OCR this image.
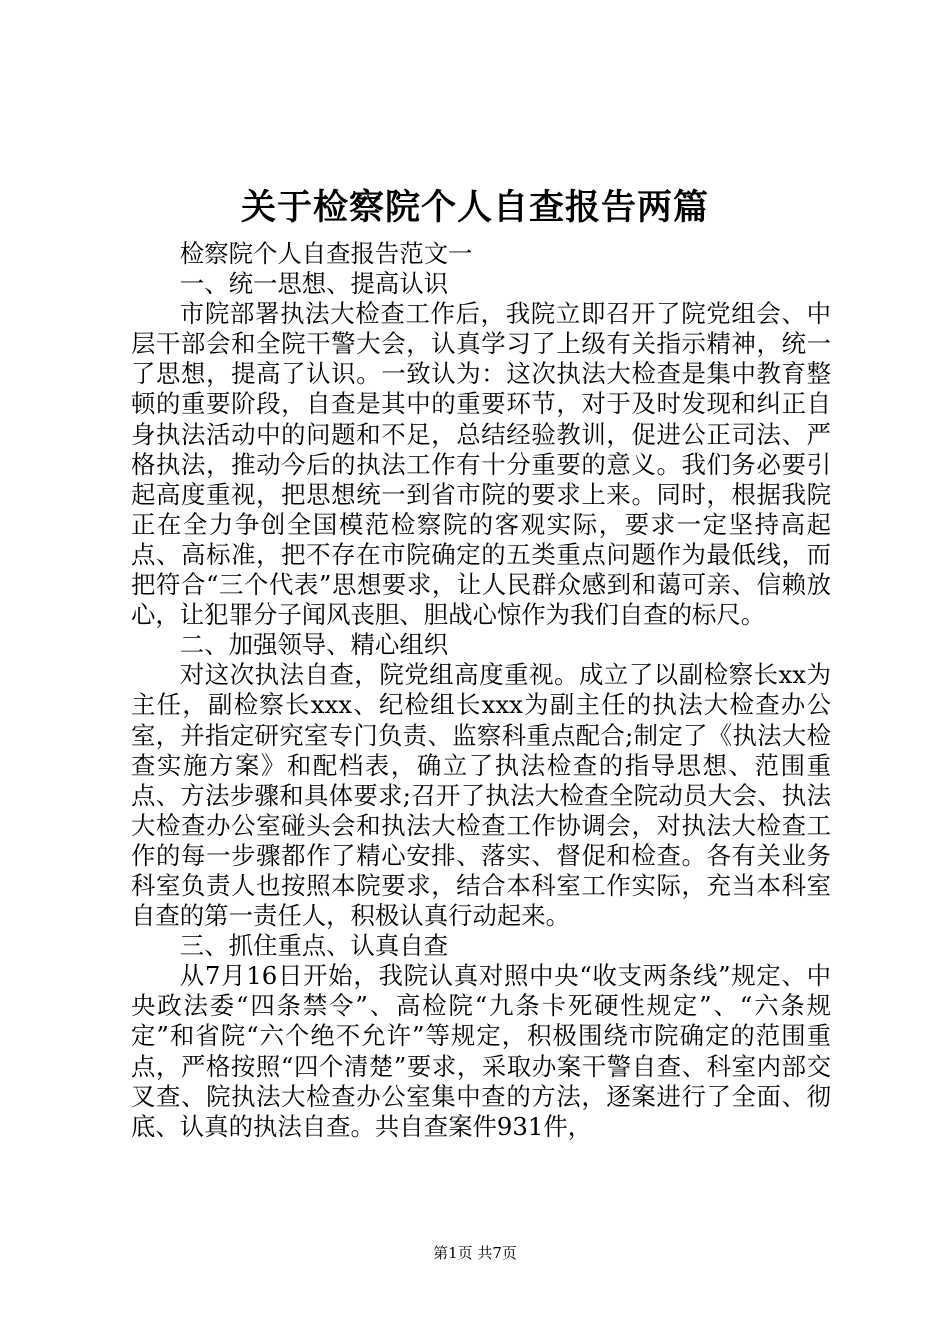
关于检察院个人自查报告两篇

检察院个人自查报告范文一

一、统一思想、提高认识

市院部署执法大检查工作后，我院立即召开了院党组会、中层干部会和全院干警大会，认真学习了上级有关指示精神，统一了思想，提高了认识。一致认为：这次执法大检查是集中教育整顿的重要阶段，自查是其中的重要环节，对于及时发现和纠正自身执法活动中的问题和不足，总结经验教训，促进公正司法、严格执法，推动今后的执法工作有十分重要的意义。我们务必要引起高度重视，把思想统一到省市院的要求上来。同时，根据我院正在全力争创全国模范检察院的客观实际，要求一定坚持高起点、高标准，把不存在市院确定的五类重点问题作为最低线，而把符合“三个代表”思想要求，让人民群众感到和蔼可亲、信赖放心，让犯罪分子闻风丧胆、胆战心惊作为我们自查的标尺。

二、加强领导、精心组织

对这次执法自查，院党组高度重视。成立了以副检察长xx为主任，副检察长xxx、纪检组长xxx为副主任的执法大检查办公室，并指定研究室专门负责、监察科重点配合;制定了《执法大检查实施方案》和配档表，确立了执法检查的指导思想、范围重点、方法步骤和具体要求;召开了执法大检查全院动员大会、执法大检查办公室碰头会和执法大检查工作协调会，对执法大检查工作的每一步骤都作了精心安排、落实、督促和检查。各有关业务科室负责人也按照本院要求，结合本科室工作实际，充当本科室自查的第一责任人，积极认真行动起来。

三、抓住重点、认真自查

从7月16日开始，我院认真对照中央“收支两条线”规定、中央政法委“四条禁令”、高检院“九条卡死硬性规定”、“六条规定”和省院“六个绝不允许”等规定，积极围绕市院确定的范围重点，严格按照“四个清楚”要求，采取办案干警自查、科室内部交叉查、院执法大检查办公室集中查的方法，逐案进行了全面、彻底、认真的执法自查。共自查案件931件，

第1页 共7页
